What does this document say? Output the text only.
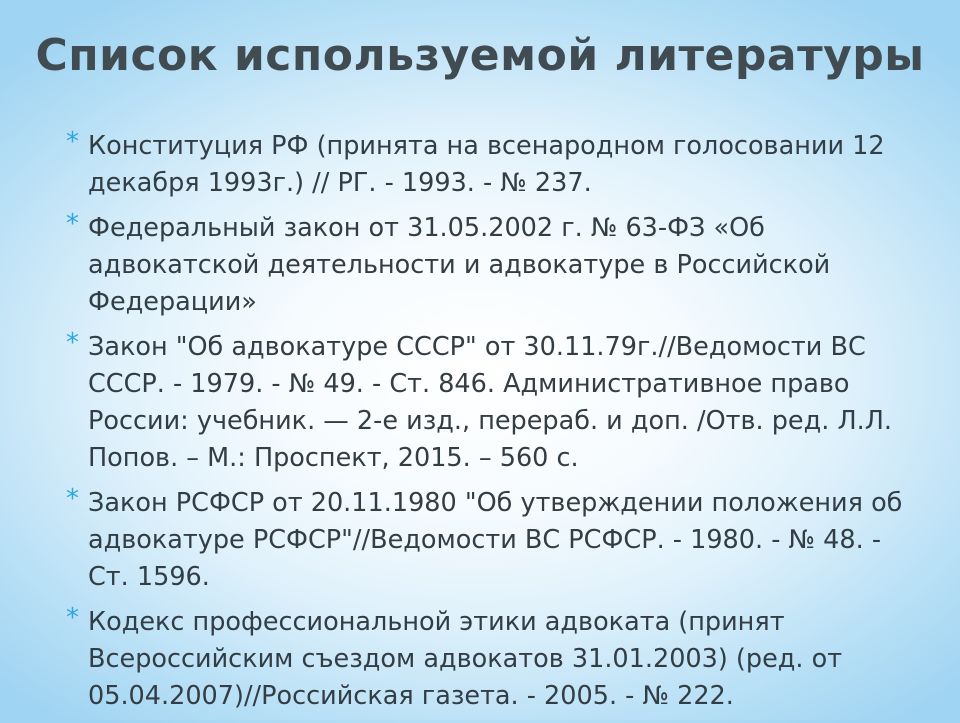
Список используемой литературы
* Конституция РФ (принята на всенародном голосовании 12 декабря 1993г.) // РГ. - 1993. - № 237.
* Федеральный закон от 31.05.2002 г. № 63-ФЗ «Об адвокатской деятельности и адвокатуре в Российской Федерации»
* Закон "Об адвокатуре СССР" от 30.11.79г.//Ведомости ВС СССР. - 1979. - № 49. - Ст. 846. Административное право России: учебник. — 2-е изд., перераб. и доп. /Отв. ред. Л.Л. Попов. – М.: Проспект, 2015. – 560 с.
* Закон РСФСР от 20.11.1980 "Об утверждении положения об адвокатуре РСФСР"//Ведомости ВС РСФСР. - 1980. - № 48. - Ст. 1596.
* Кодекс профессиональной этики адвоката (принят Всероссийским съездом адвокатов 31.01.2003) (ред. от 05.04.2007)//Российская газета. - 2005. - № 222.
